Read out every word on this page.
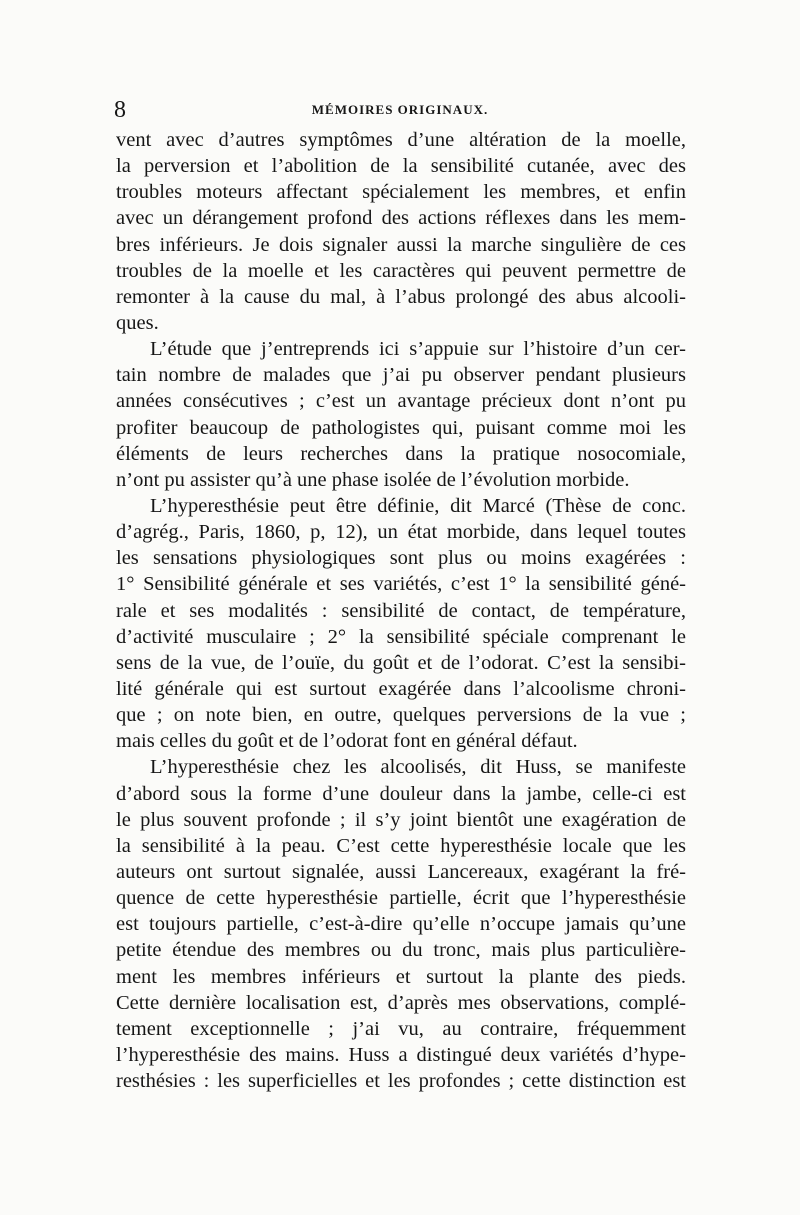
8	MÉMOIRES ORIGINAUX.
vent avec d’autres symptômes d’une altération de la moelle,
la perversion et l’abolition de la sensibilité cutanée, avec des
troubles moteurs affectant spécialement les membres, et enfin
avec un dérangement profond des actions réflexes dans les mem-
bres inférieurs. Je dois signaler aussi la marche singulière de ces
troubles de la moelle et les caractères qui peuvent permettre de
remonter à la cause du mal, à l’abus prolongé des abus alcooli-
ques.
L’étude que j’entreprends ici s’appuie sur l’histoire d’un cer-
tain nombre de malades que j’ai pu observer pendant plusieurs
années consécutives ; c’est un avantage précieux dont n’ont pu
profiter beaucoup de pathologistes qui, puisant comme moi les
éléments de leurs recherches dans la pratique nosocomiale,
n’ont pu assister qu’à une phase isolée de l’évolution morbide.
L’hyperesthésie peut être définie, dit Marcé (Thèse de conc.
d’agrég., Paris, 1860, p, 12), un état morbide, dans lequel toutes
les sensations physiologiques sont plus ou moins exagérées :
1° Sensibilité générale et ses variétés, c’est 1° la sensibilité géné-
rale et ses modalités : sensibilité de contact, de température,
d’activité musculaire ; 2° la sensibilité spéciale comprenant le
sens de la vue, de l’ouïe, du goût et de l’odorat. C’est la sensibi-
lité générale qui est surtout exagérée dans l’alcoolisme chroni-
que ; on note bien, en outre, quelques perversions de la vue ;
mais celles du goût et de l’odorat font en général défaut.
L’hyperesthésie chez les alcoolisés, dit Huss, se manifeste
d’abord sous la forme d’une douleur dans la jambe, celle-ci est
le plus souvent profonde ; il s’y joint bientôt une exagération de
la sensibilité à la peau. C’est cette hyperesthésie locale que les
auteurs ont surtout signalée, aussi Lancereaux, exagérant la fré-
quence de cette hyperesthésie partielle, écrit que l’hyperesthésie
est toujours partielle, c’est-à-dire qu’elle n’occupe jamais qu’une
petite étendue des membres ou du tronc, mais plus particulière-
ment les membres inférieurs et surtout la plante des pieds.
Cette dernière localisation est, d’après mes observations, complé-
tement exceptionnelle ; j’ai vu, au contraire, fréquemment
l’hyperesthésie des mains. Huss a distingué deux variétés d’hype-
resthésies : les superficielles et les profondes ; cette distinction est
